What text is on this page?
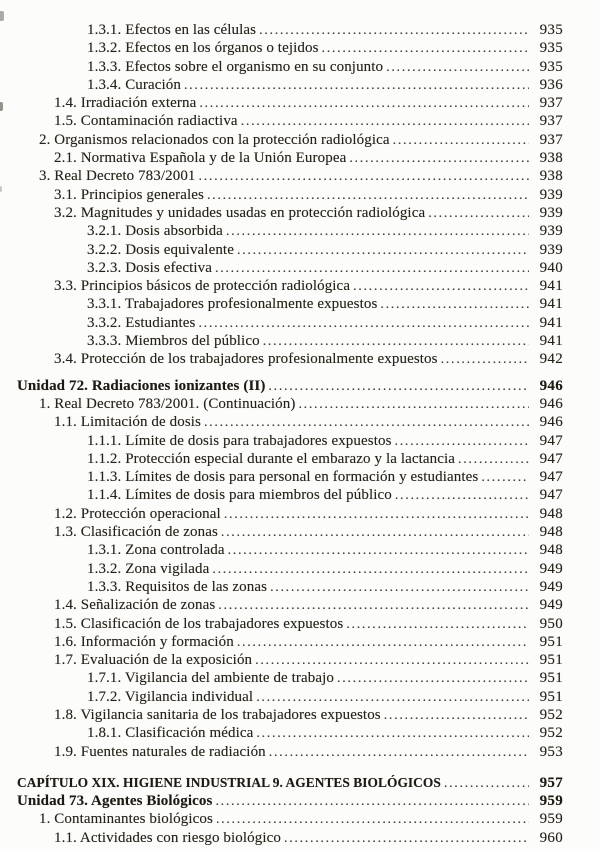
1.3.1. Efectos en las células .....	935
1.3.2. Efectos en los órganos o tejidos .....	935
1.3.3. Efectos sobre el organismo en su conjunto .....	935
1.3.4. Curación .....	936
1.4. Irradiación externa .....	937
1.5. Contaminación radiactiva .....	937
2. Organismos relacionados con la protección radiológica .....	937
2.1. Normativa Española y de la Unión Europea .....	938
3. Real Decreto 783/2001 .....	938
3.1. Principios generales .....	939
3.2. Magnitudes y unidades usadas en protección radiológica .....	939
3.2.1. Dosis absorbida .....	939
3.2.2. Dosis equivalente .....	939
3.2.3. Dosis efectiva .....	940
3.3. Principios básicos de protección radiológica .....	941
3.3.1. Trabajadores profesionalmente expuestos .....	941
3.3.2. Estudiantes .....	941
3.3.3. Miembros del público .....	941
3.4. Protección de los trabajadores profesionalmente expuestos .....	942
Unidad 72. Radiaciones ionizantes (II) .....	946
1. Real Decreto 783/2001. (Continuación) .....	946
1.1. Limitación de dosis .....	946
1.1.1. Límite de dosis para trabajadores expuestos .....	947
1.1.2. Protección especial durante el embarazo y la lactancia .....	947
1.1.3. Límites de dosis para personal en formación y estudiantes .....	947
1.1.4. Límites de dosis para miembros del público .....	947
1.2. Protección operacional .....	948
1.3. Clasificación de zonas .....	948
1.3.1. Zona controlada .....	948
1.3.2. Zona vigilada .....	949
1.3.3. Requisitos de las zonas .....	949
1.4. Señalización de zonas .....	949
1.5. Clasificación de los trabajadores expuestos .....	950
1.6. Información y formación .....	951
1.7. Evaluación de la exposición .....	951
1.7.1. Vigilancia del ambiente de trabajo .....	951
1.7.2. Vigilancia individual .....	951
1.8. Vigilancia sanitaria de los trabajadores expuestos .....	952
1.8.1. Clasificación médica .....	952
1.9. Fuentes naturales de radiación .....	953
CAPÍTULO XIX. HIGIENE INDUSTRIAL 9. AGENTES BIOLÓGICOS .....	957
Unidad 73. Agentes Biológicos .....	959
1. Contaminantes biológicos .....	959
1.1. Actividades con riesgo biológico .....	960
